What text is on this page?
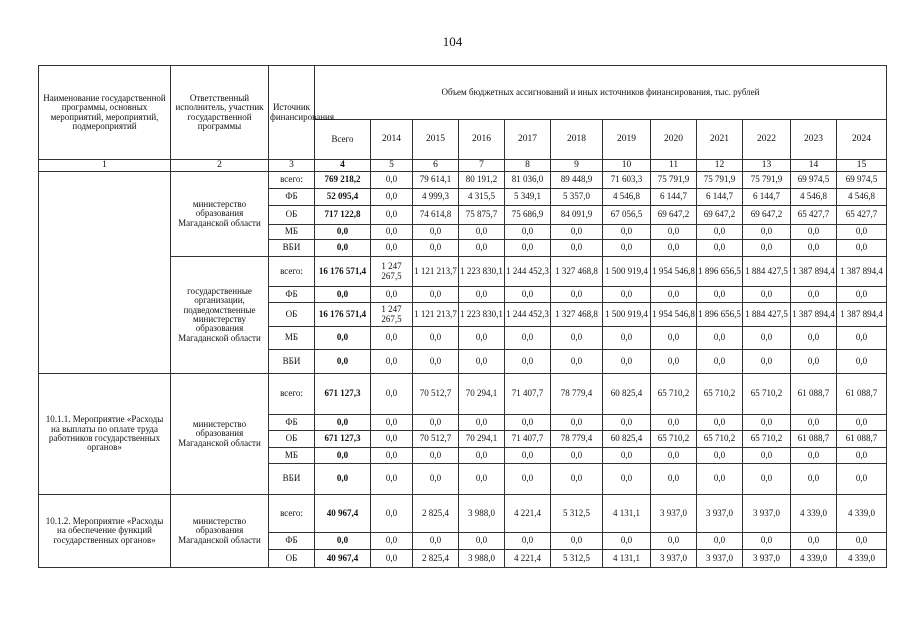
104
Наименование государственной программы, основных мероприятий, мероприятий, подмероприятий	Ответственный исполнитель, участник государственной программы	Источник финансирования	Объем бюджетных ассигнований и иных источников финансирования, тыс. рублей											
			Всего	2014	2015	2016	2017	2018	2019	2020	2021	2022	2023	2024
1	2	3	4	5	6	7	8	9	10	11	12	13	14	15
	министерство образования Магаданской области	всего:	769 218,2	0,0	79 614,1	80 191,2	81 036,0	89 448,9	71 603,3	75 791,9	75 791,9	75 791,9	69 974,5	69 974,5
		ФБ	52 095,4	0,0	4 999,3	4 315,5	5 349,1	5 357,0	4 546,8	6 144,7	6 144,7	6 144,7	4 546,8	4 546,8
		ОБ	717 122,8	0,0	74 614,8	75 875,7	75 686,9	84 091,9	67 056,5	69 647,2	69 647,2	69 647,2	65 427,7	65 427,7
		МБ	0,0	0,0	0,0	0,0	0,0	0,0	0,0	0,0	0,0	0,0	0,0	0,0
		ВБИ	0,0	0,0	0,0	0,0	0,0	0,0	0,0	0,0	0,0	0,0	0,0	0,0
	государственные организации, подведомственные министерству образования Магаданской области	всего:	16 176 571,4	1 247 267,5	1 121 213,7	1 223 830,1	1 244 452,3	1 327 468,8	1 500 919,4	1 954 546,8	1 896 656,5	1 884 427,5	1 387 894,4	1 387 894,4
		ФБ	0,0	0,0	0,0	0,0	0,0	0,0	0,0	0,0	0,0	0,0	0,0	0,0
		ОБ	16 176 571,4	1 247 267,5	1 121 213,7	1 223 830,1	1 244 452,3	1 327 468,8	1 500 919,4	1 954 546,8	1 896 656,5	1 884 427,5	1 387 894,4	1 387 894,4
		МБ	0,0	0,0	0,0	0,0	0,0	0,0	0,0	0,0	0,0	0,0	0,0	0,0
		ВБИ	0,0	0,0	0,0	0,0	0,0	0,0	0,0	0,0	0,0	0,0	0,0	0,0
10.1.1. Мероприятие «Расходы на выплаты по оплате труда работников государственных органов»	министерство образования Магаданской области	всего:	671 127,3	0,0	70 512,7	70 294,1	71 407,7	78 779,4	60 825,4	65 710,2	65 710,2	65 710,2	61 088,7	61 088,7
		ФБ	0,0	0,0	0,0	0,0	0,0	0,0	0,0	0,0	0,0	0,0	0,0	0,0
		ОБ	671 127,3	0,0	70 512,7	70 294,1	71 407,7	78 779,4	60 825,4	65 710,2	65 710,2	65 710,2	61 088,7	61 088,7
		МБ	0,0	0,0	0,0	0,0	0,0	0,0	0,0	0,0	0,0	0,0	0,0	0,0
		ВБИ	0,0	0,0	0,0	0,0	0,0	0,0	0,0	0,0	0,0	0,0	0,0	0,0
10.1.2. Мероприятие «Расходы на обеспечение функций государственных органов»	министерство образования Магаданской области	всего:	40 967,4	0,0	2 825,4	3 988,0	4 221,4	5 312,5	4 131,1	3 937,0	3 937,0	3 937,0	4 339,0	4 339,0
		ФБ	0,0	0,0	0,0	0,0	0,0	0,0	0,0	0,0	0,0	0,0	0,0	0,0
		ОБ	40 967,4	0,0	2 825,4	3 988,0	4 221,4	5 312,5	4 131,1	3 937,0	3 937,0	3 937,0	4 339,0	4 339,0
